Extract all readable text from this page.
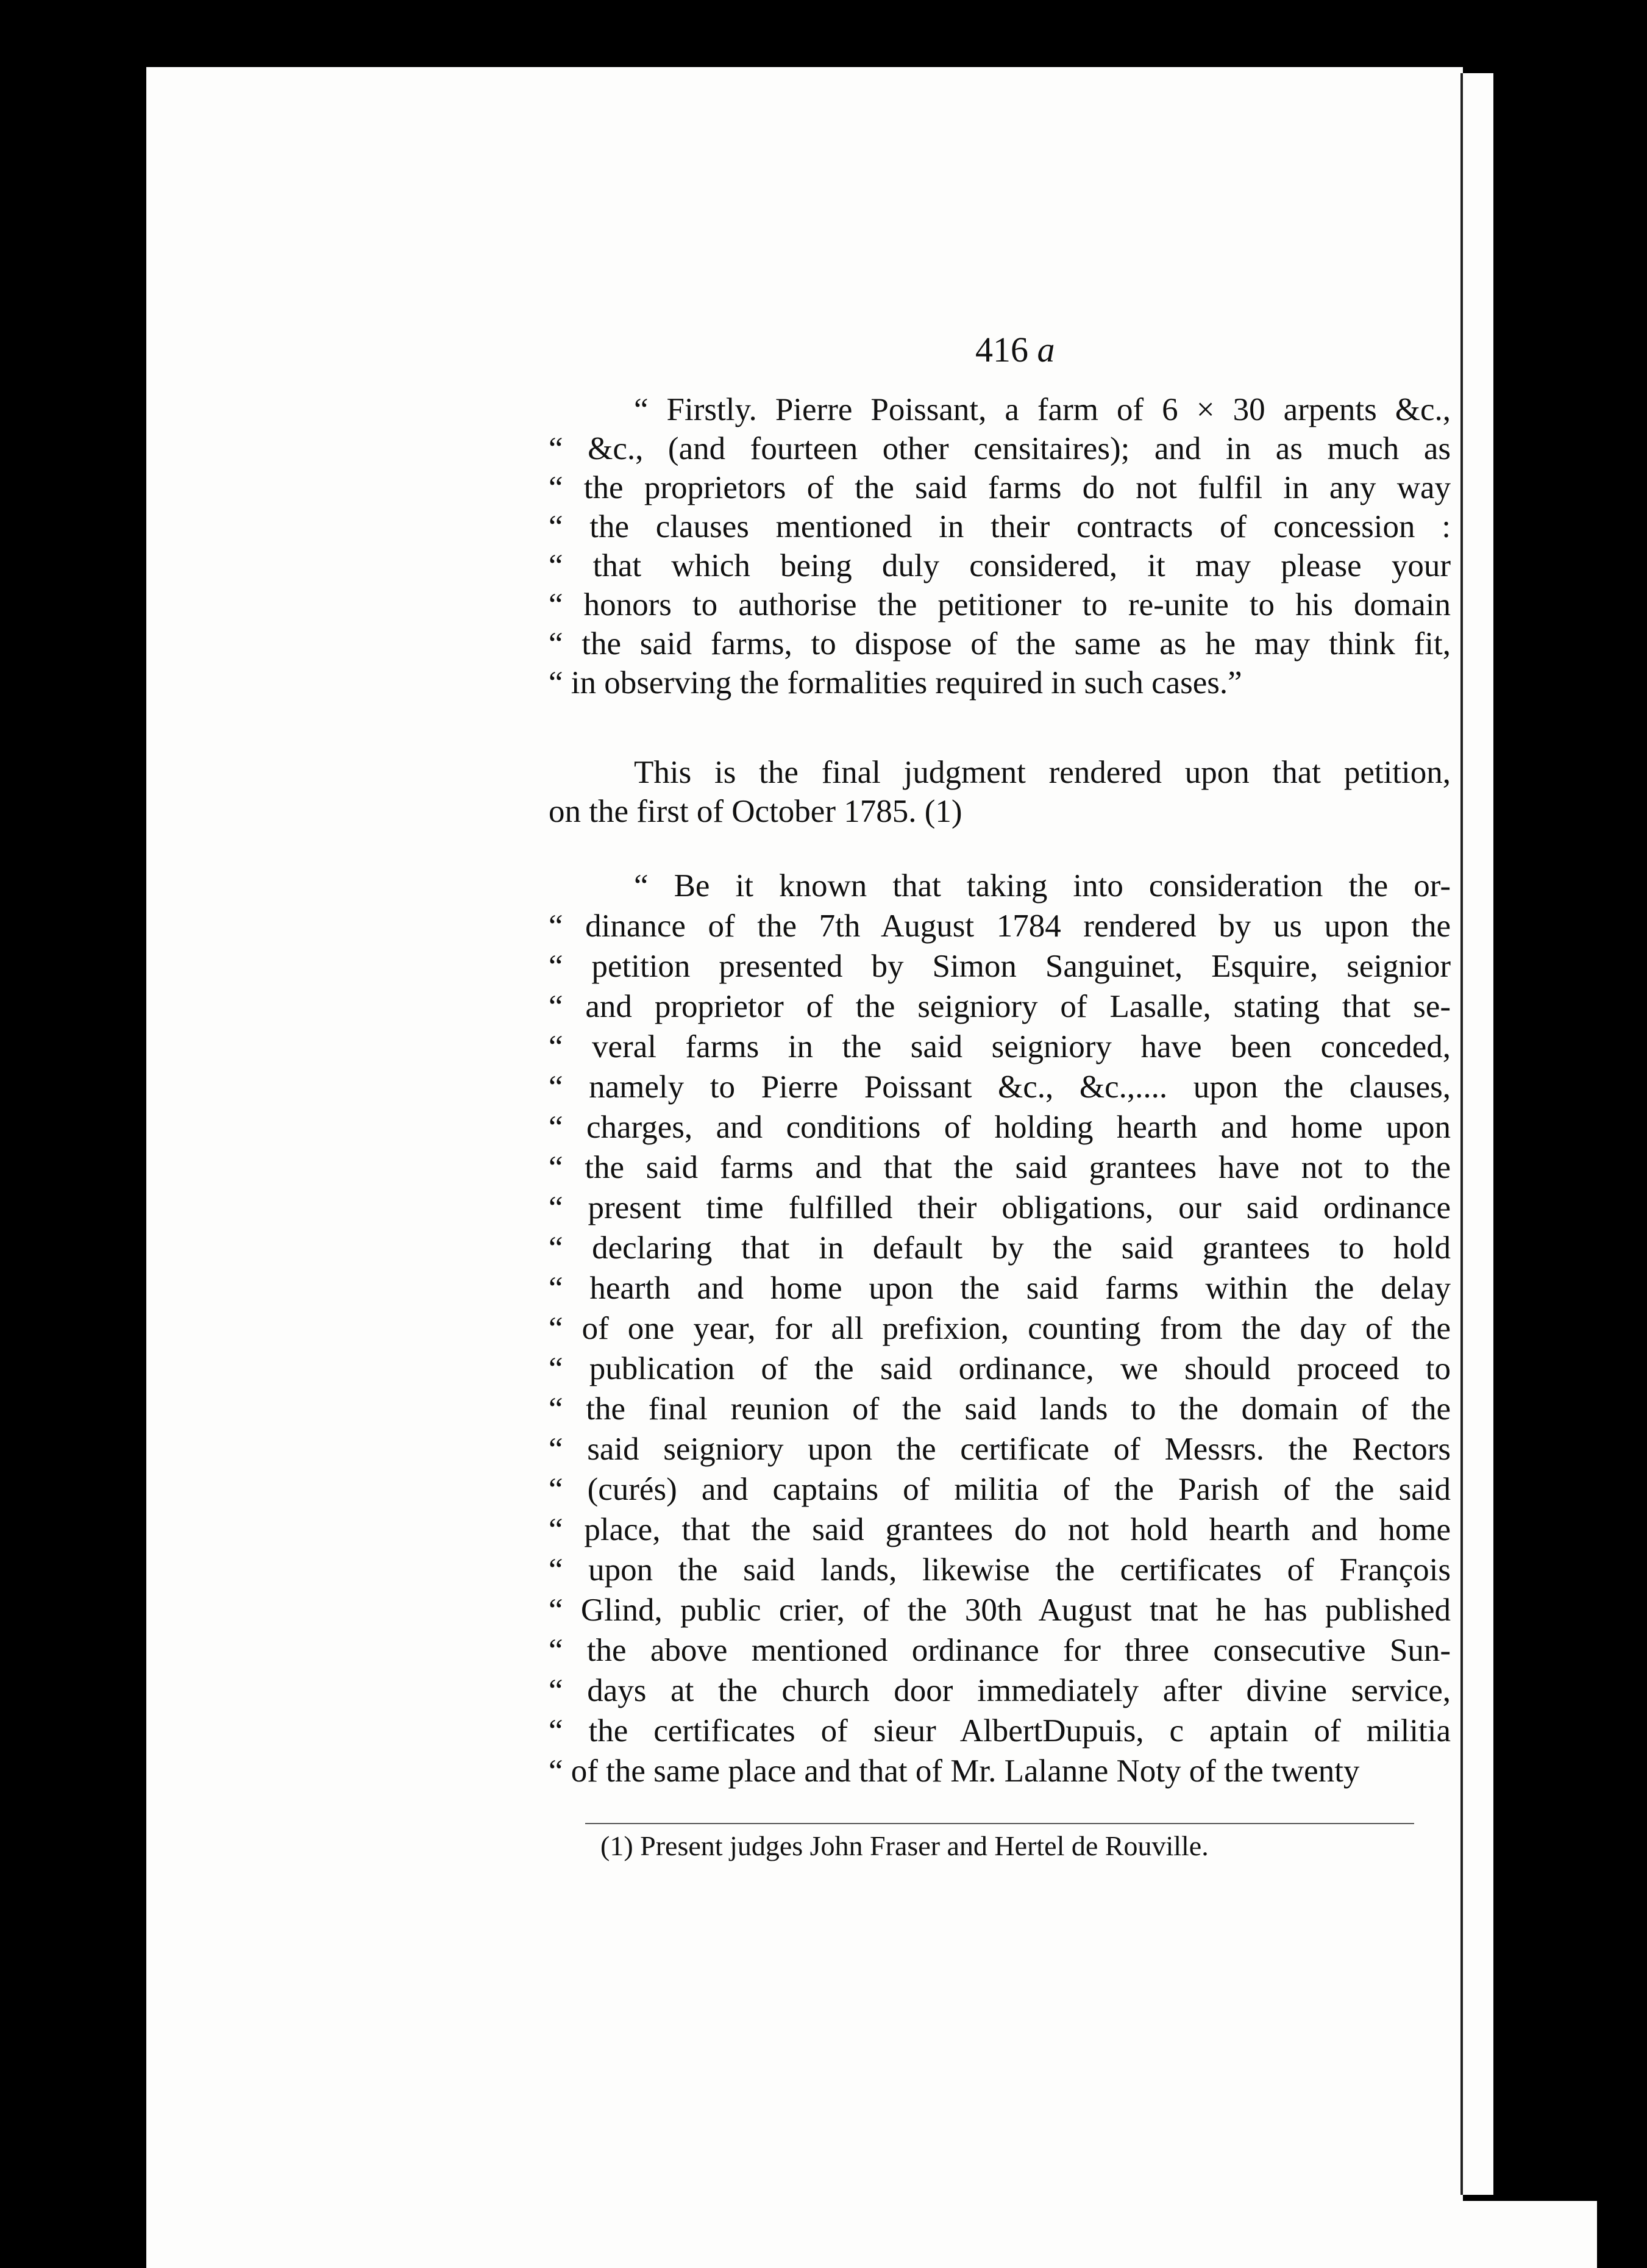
416 a
“ Firstly. Pierre Poissant, a farm of 6 × 30 arpents &c.,
“ &c., (and fourteen other censitaires); and in as much as
“ the proprietors of the said farms do not fulfil in any way
“ the clauses mentioned in their contracts of concession :
“ that which being duly considered, it may please your
“ honors to authorise the petitioner to re-unite to his domain
“ the said farms, to dispose of the same as he may think fit,
“ in observing the formalities required in such cases.”
This is the final judgment rendered upon that petition,
on the first of October 1785. (1)
“ Be it known that taking into consideration the or-
“ dinance of the 7th August 1784 rendered by us upon the
“ petition presented by Simon Sanguinet, Esquire, seignior
“ and proprietor of the seigniory of Lasalle, stating that se-
“ veral farms in the said seigniory have been conceded,
“ namely to Pierre Poissant &c., &c.,.... upon the clauses,
“ charges, and conditions of holding hearth and home upon
“ the said farms and that the said grantees have not to the
“ present time fulfilled their obligations, our said ordinance
“ declaring that in default by the said grantees to hold
“ hearth and home upon the said farms within the delay
“ of one year, for all prefixion, counting from the day of the
“ publication of the said ordinance, we should proceed to
“ the final reunion of the said lands to the domain of the
“ said seigniory upon the certificate of Messrs. the Rectors
“ (curés) and captains of militia of the Parish of the said
“ place, that the said grantees do not hold hearth and home
“ upon the said lands, likewise the certificates of François
“ Glind, public crier, of the 30th August tnat he has published
“ the above mentioned ordinance for three consecutive Sun-
“ days at the church door immediately after divine service,
“ the certificates of sieur AlbertDupuis, c aptain of militia
“ of the same place and that of Mr. Lalanne Noty of the twenty
(1) Present judges John Fraser and Hertel de Rouville.
